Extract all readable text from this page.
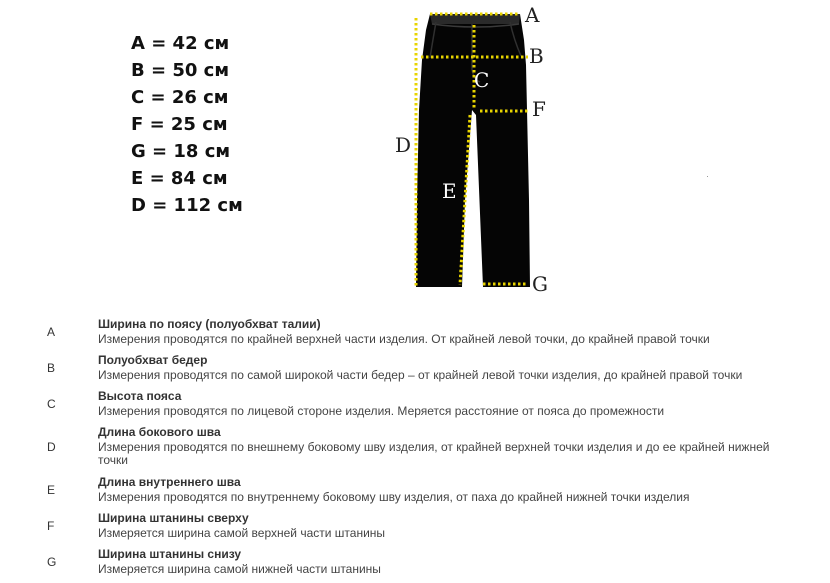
A = 42 см
B = 50 см
C = 26 см
F = 25 см
G = 18 см
E = 84 см
D = 112 см
A
B
C
F
D
E
G
A
Ширина по поясу (полуобхват талии)
Измерения проводятся по крайней верхней части изделия. От крайней левой точки, до крайней правой точки
B
Полуобхват бедер
Измерения проводятся по самой широкой части бедер – от крайней левой точки изделия, до крайней правой точки
C
Высота пояса
Измерения проводятся по лицевой стороне изделия. Меряется расстояние от пояса до промежности
D
Длина бокового шва
Измерения проводятся по внешнему боковому шву изделия, от крайней верхней точки изделия и до ее крайней нижней точки
E
Длина внутреннего шва
Измерения проводятся по внутреннему боковому шву изделия, от паха до крайней нижней точки изделия
F
Ширина штанины сверху
Измеряется ширина самой верхней части штанины
G
Ширина штанины снизу
Измеряется ширина самой нижней части штанины
